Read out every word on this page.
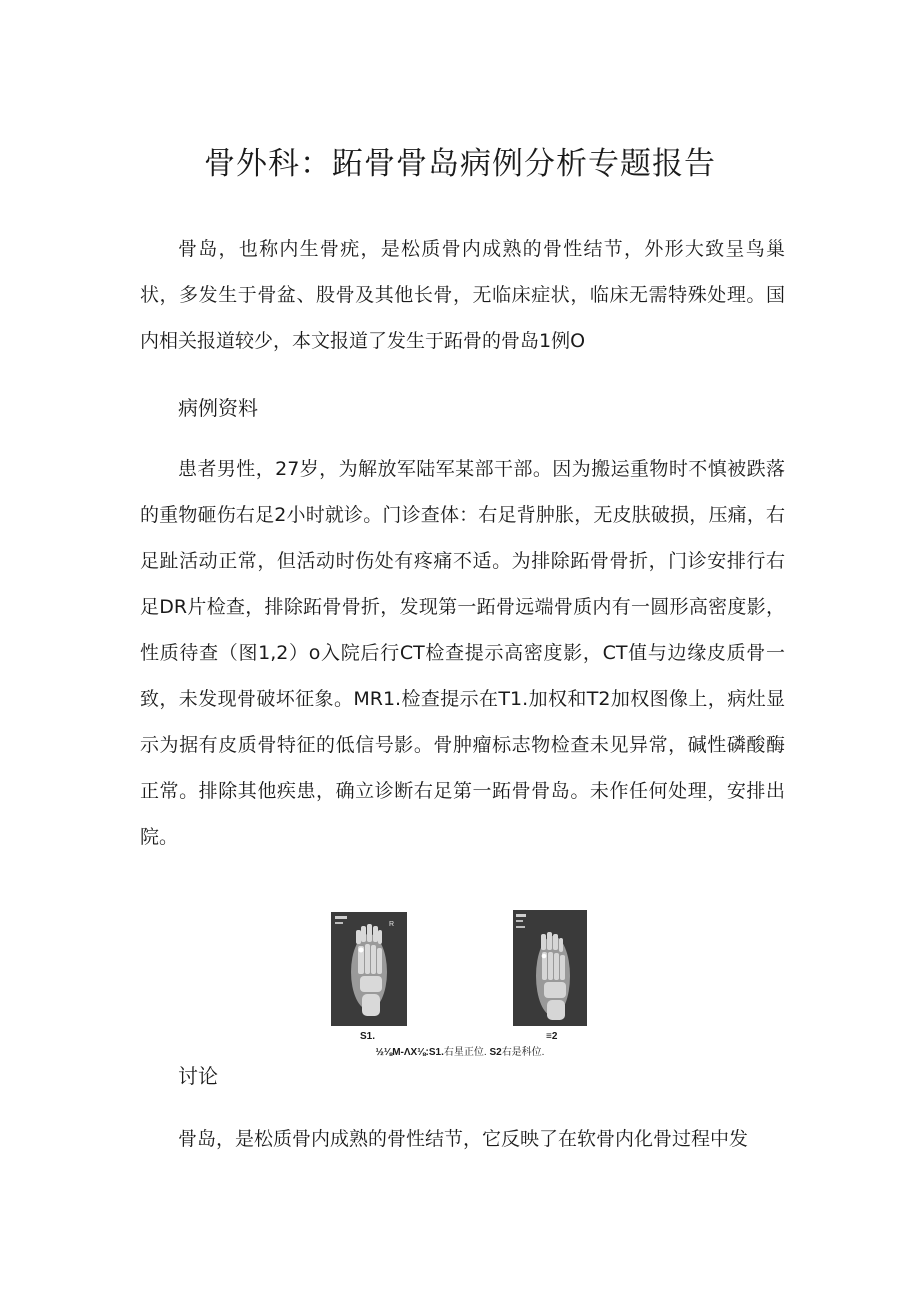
骨外科：跖骨骨岛病例分析专题报告

骨岛，也称内生骨疣，是松质骨内成熟的骨性结节，外形大致呈鸟巢状，多发生于骨盆、股骨及其他长骨，无临床症状，临床无需特殊处理。国内相关报道较少，本文报道了发生于跖骨的骨岛1例O

病例资料

患者男性，27岁，为解放军陆军某部干部。因为搬运重物时不慎被跌落的重物砸伤右足2小时就诊。门诊查体：右足背肿胀，无皮肤破损，压痛，右足趾活动正常，但活动时伤处有疼痛不适。为排除跖骨骨折，门诊安排行右足DR片检查，排除跖骨骨折，发现第一跖骨远端骨质内有一圆形高密度影，性质待查（图1,2）o入院后行CT检查提示高密度影，CT值与边缘皮质骨一致，未发现骨破坏征象。MR1.检查提示在T1.加权和T2加权图像上，病灶显示为据有皮质骨特征的低信号影。骨肿瘤标志物检查未见异常，碱性磷酸酶正常。排除其他疾患，确立诊断右足第一跖骨骨岛。未作任何处理，安排出院。

R
S1.	≡2
½⅛M-ΛX⅛:S1.右星正位. S2右是科位.

讨论

骨岛，是松质骨内成熟的骨性结节，它反映了在软骨内化骨过程中发
